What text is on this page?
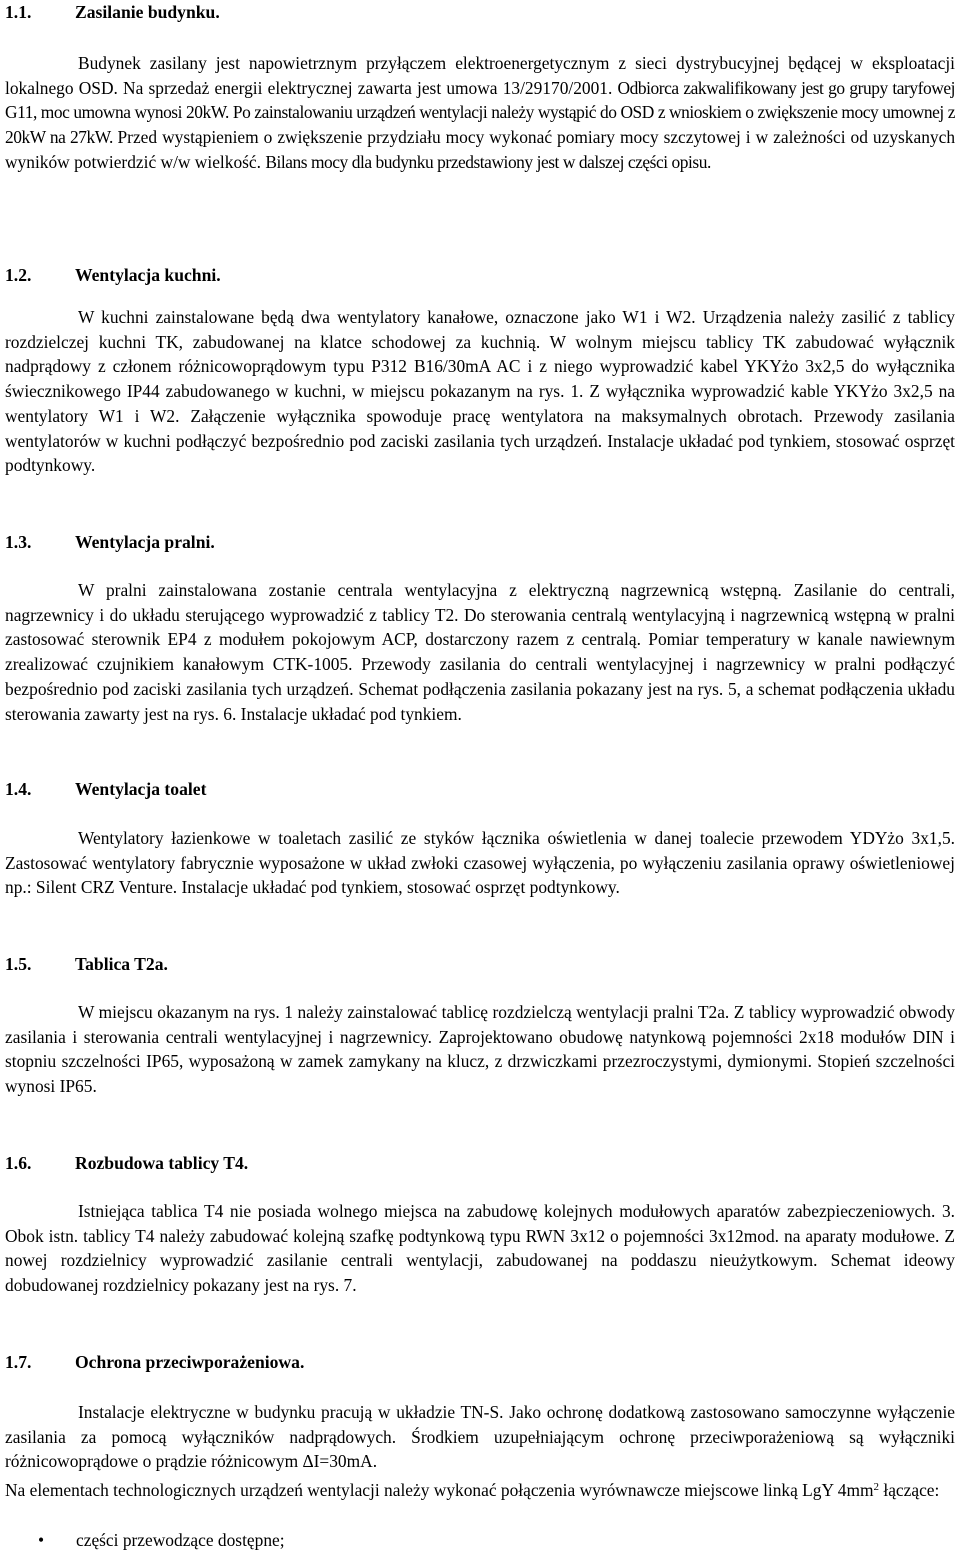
1.1. Zasilanie budynku.

Budynek zasilany jest napowietrznym przyłączem elektroenergetycznym z sieci dystrybucyjnej będącej w eksploatacji lokalnego OSD. Na sprzedaż energii elektrycznej zawarta jest umowa 13/29170/2001. Odbiorca zakwalifikowany jest go grupy taryfowej G11, moc umowna wynosi 20kW. Po zainstalowaniu urządzeń wentylacji należy wystąpić do OSD z wnioskiem o zwiększenie mocy umownej z 20kW na 27kW. Przed wystąpieniem o zwiększenie przydziału mocy wykonać pomiary mocy szczytowej i w zależności od uzyskanych wyników potwierdzić w/w wielkość. Bilans mocy dla budynku przedstawiony jest w dalszej części opisu.

1.2. Wentylacja kuchni.

W kuchni zainstalowane będą dwa wentylatory kanałowe, oznaczone jako W1 i W2. Urządzenia należy zasilić z tablicy rozdzielczej kuchni TK, zabudowanej na klatce schodowej za kuchnią. W wolnym miejscu tablicy TK zabudować wyłącznik nadprądowy z członem różnicowoprądowym typu P312 B16/30mA AC i z niego wyprowadzić kabel YKYżo 3x2,5 do wyłącznika świecznikowego IP44 zabudowanego w kuchni, w miejscu pokazanym na rys. 1. Z wyłącznika wyprowadzić kable YKYżo 3x2,5 na wentylatory W1 i W2. Załączenie wyłącznika spowoduje pracę wentylatora na maksymalnych obrotach. Przewody zasilania wentylatorów w kuchni podłączyć bezpośrednio pod zaciski zasilania tych urządzeń. Instalacje układać pod tynkiem, stosować osprzęt podtynkowy.

1.3. Wentylacja pralni.

W pralni zainstalowana zostanie centrala wentylacyjna z elektryczną nagrzewnicą wstępną. Zasilanie do centrali, nagrzewnicy i do układu sterującego wyprowadzić z tablicy T2. Do sterowania centralą wentylacyjną i nagrzewnicą wstępną w pralni zastosować sterownik EP4 z modułem pokojowym ACP, dostarczony razem z centralą. Pomiar temperatury w kanale nawiewnym zrealizować czujnikiem kanałowym CTK-1005. Przewody zasilania do centrali wentylacyjnej i nagrzewnicy w pralni podłączyć bezpośrednio pod zaciski zasilania tych urządzeń. Schemat podłączenia zasilania pokazany jest na rys. 5, a schemat podłączenia układu sterowania zawarty jest na rys. 6. Instalacje układać pod tynkiem.

1.4. Wentylacja toalet

Wentylatory łazienkowe w toaletach zasilić ze styków łącznika oświetlenia w danej toalecie przewodem YDYżo 3x1,5. Zastosować wentylatory fabrycznie wyposażone w układ zwłoki czasowej wyłączenia, po wyłączeniu zasilania oprawy oświetleniowej np.: Silent CRZ Venture. Instalacje układać pod tynkiem, stosować osprzęt podtynkowy.

1.5. Tablica T2a.

W miejscu okazanym na rys. 1 należy zainstalować tablicę rozdzielczą wentylacji pralni T2a. Z tablicy wyprowadzić obwody zasilania i sterowania centrali wentylacyjnej i nagrzewnicy. Zaprojektowano obudowę natynkową pojemności 2x18 modułów DIN i stopniu szczelności IP65, wyposażoną w zamek zamykany na klucz, z drzwiczkami przezroczystymi, dymionymi. Stopień szczelności wynosi IP65.

1.6. Rozbudowa tablicy T4.

Istniejąca tablica T4 nie posiada wolnego miejsca na zabudowę kolejnych modułowych aparatów zabezpieczeniowych. 3. Obok istn. tablicy T4 należy zabudować kolejną szafkę podtynkową typu RWN 3x12 o pojemności 3x12mod. na aparaty modułowe. Z nowej rozdzielnicy wyprowadzić zasilanie centrali wentylacji, zabudowanej na poddaszu nieużytkowym. Schemat ideowy dobudowanej rozdzielnicy pokazany jest na rys. 7.

1.7. Ochrona przeciwporażeniowa.

Instalacje elektryczne w budynku pracują w układzie TN-S. Jako ochronę dodatkową zastosowano samoczynne wyłączenie zasilania za pomocą wyłączników nadprądowych. Środkiem uzupełniającym ochronę przeciwporażeniową są wyłączniki różnicowoprądowe o prądzie różnicowym ΔI=30mA.

Na elementach technologicznych urządzeń wentylacji należy wykonać połączenia wyrównawcze miejscowe linką LgY $4mm^2$ łączące:

• części przewodzące dostępne;
